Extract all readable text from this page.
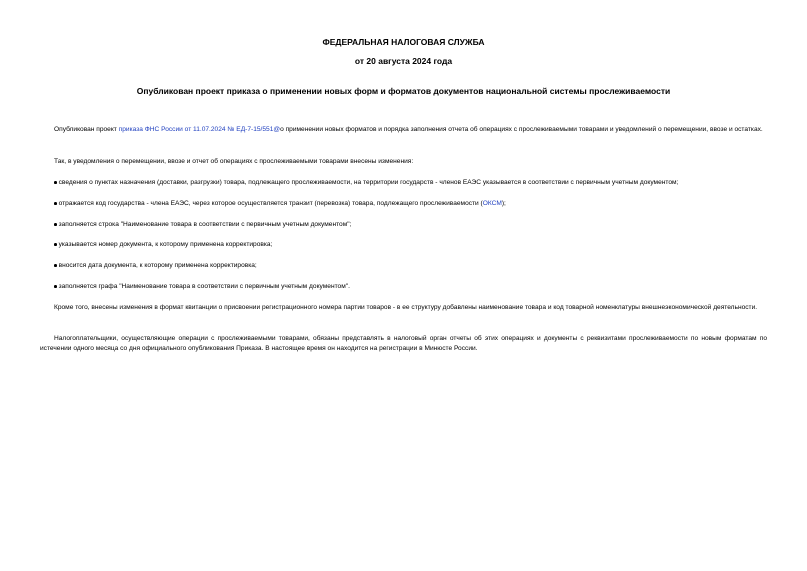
ФЕДЕРАЛЬНАЯ НАЛОГОВАЯ СЛУЖБА
от 20 августа 2024 года
Опубликован проект приказа о применении новых форм и форматов документов национальной системы прослеживаемости

Опубликован проект приказа ФНС России от 11.07.2024 № ЕД-7-15/551@о применении новых форматов и порядка заполнения отчета об операциях с прослеживаемыми товарами и уведомлений о перемещении, ввозе и остатках.

Так, в уведомления о перемещении, ввозе и отчет об операциях с прослеживаемыми товарами внесены изменения:

сведения о пунктах назначения (доставки, разгрузки) товара, подлежащего прослеживаемости, на территории государств - членов ЕАЭС указывается в соответствии с первичным учетным документом;

отражается код государства - члена ЕАЭС, через которое осуществляется транзит (перевозка) товара, подлежащего прослеживаемости (ОКСМ);

заполняется строка "Наименование товара в соответствии с первичным учетным документом";

указывается номер документа, к которому применена корректировка;

вносится дата документа, к которому применена корректировка;

заполняется графа "Наименование товара в соответствии с первичным учетным документом".

Кроме того, внесены изменения в формат квитанции о присвоении регистрационного номера партии товаров - в ее структуру добавлены наименование товара и код товарной номенклатуры внешнеэкономической деятельности.

Налогоплательщики, осуществляющие операции с прослеживаемыми товарами, обязаны представлять в налоговый орган отчеты об этих операциях и документы с реквизитами прослеживаемости по новым форматам по истечении одного месяца со дня официального опубликования Приказа. В настоящее время он находится на регистрации в Минюсте России.
